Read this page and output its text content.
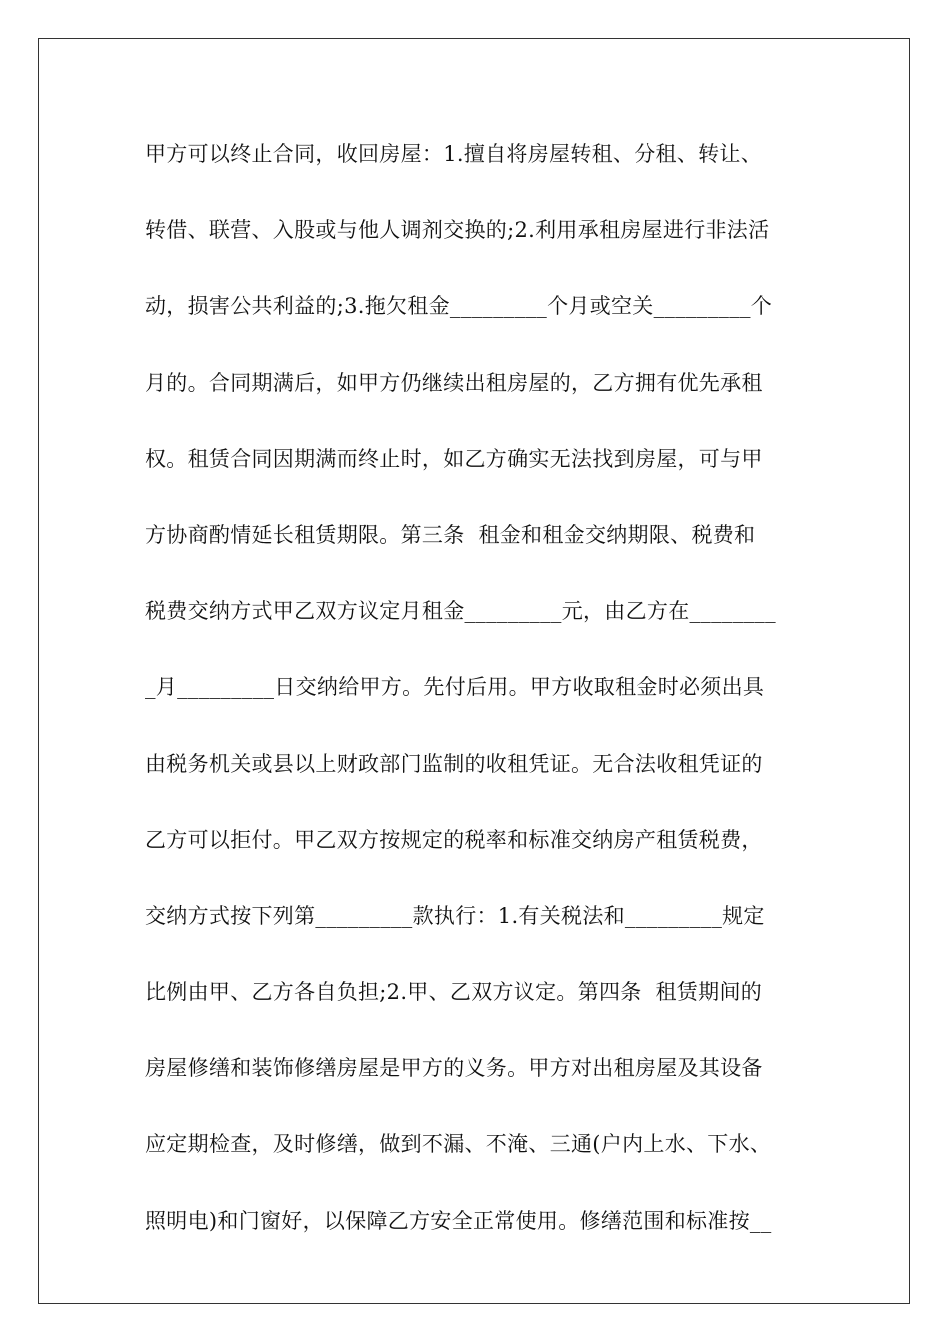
甲方可以终止合同，收回房屋：1.擅自将房屋转租、分租、转让、
转借、联营、入股或与他人调剂交换的;2.利用承租房屋进行非法活
动，损害公共利益的;3.拖欠租金_________个月或空关_________个
月的。合同期满后，如甲方仍继续出租房屋的，乙方拥有优先承租
权。租赁合同因期满而终止时，如乙方确实无法找到房屋，可与甲
方协商酌情延长租赁期限。第三条  租金和租金交纳期限、税费和
税费交纳方式甲乙双方议定月租金_________元，由乙方在________
_月_________日交纳给甲方。先付后用。甲方收取租金时必须出具
由税务机关或县以上财政部门监制的收租凭证。无合法收租凭证的
乙方可以拒付。甲乙双方按规定的税率和标准交纳房产租赁税费，
交纳方式按下列第_________款执行：1.有关税法和_________规定
比例由甲、乙方各自负担;2.甲、乙双方议定。第四条  租赁期间的
房屋修缮和装饰修缮房屋是甲方的义务。甲方对出租房屋及其设备
应定期检查，及时修缮，做到不漏、不淹、三通(户内上水、下水、
照明电)和门窗好，以保障乙方安全正常使用。修缮范围和标准按__
